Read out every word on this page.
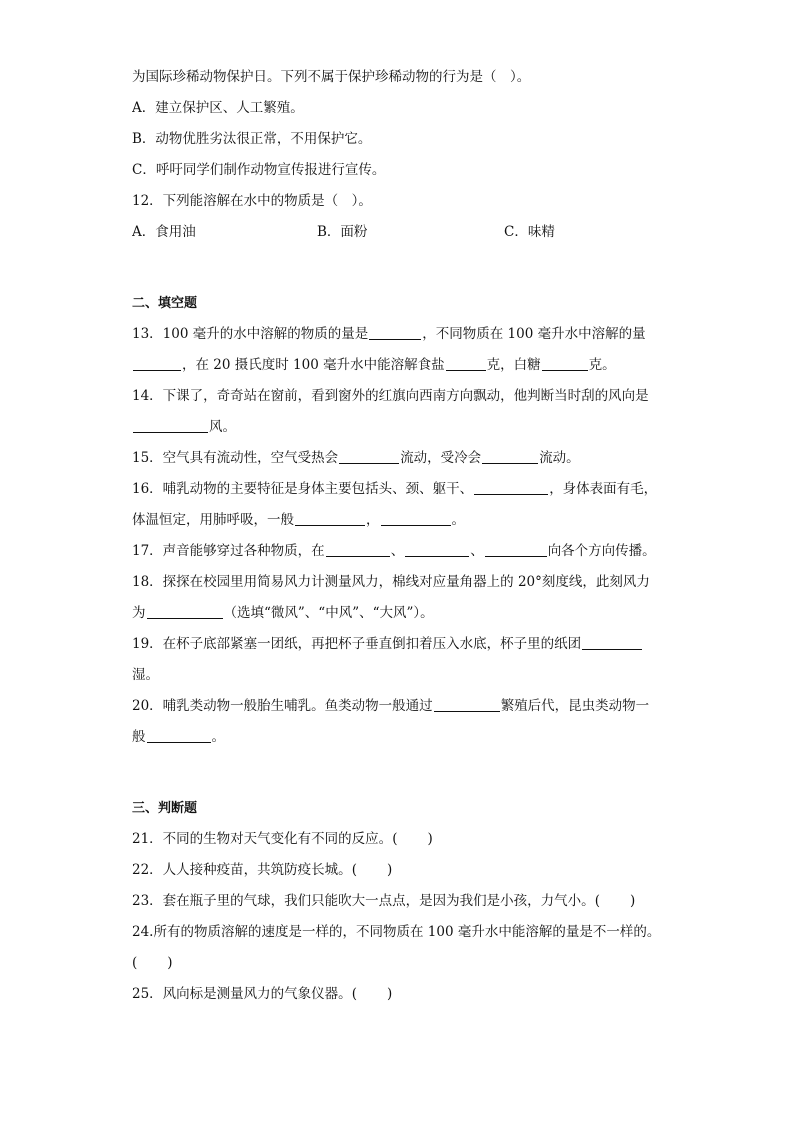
为国际珍稀动物保护日。下列不属于保护珍稀动物的行为是（　）。
A．建立保护区、人工繁殖。
B．动物优胜劣汰很正常，不用保护它。
C．呼吁同学们制作动物宣传报进行宣传。
12．下列能溶解在水中的物质是（　）。
A．食用油	B．面粉	C．味精
二、填空题
13．100 毫升的水中溶解的物质的量是	，不同物质在 100 毫升水中溶解的量
，在 20 摄氏度时 100 毫升水中能溶解食盐	克，白糖	克。
14．下课了，奇奇站在窗前，看到窗外的红旗向西南方向飘动，他判断当时刮的风向是
风。
15．空气具有流动性，空气受热会	流动，受冷会	流动。
16．哺乳动物的主要特征是身体主要包括头、颈、躯干、	，身体表面有毛，
体温恒定，用肺呼吸，一般	，	。
17．声音能够穿过各种物质，在	、	、	向各个方向传播。
18．探探在校园里用简易风力计测量风力，棉线对应量角器上的 20°刻度线，此刻风力
为	（选填“微风”、“中风”、“大风”）。
19．在杯子底部紧塞一团纸，再把杯子垂直倒扣着压入水底，杯子里的纸团
湿。
20．哺乳类动物一般胎生哺乳。鱼类动物一般通过	繁殖后代，昆虫类动物一
般	。
三、判断题
21．不同的生物对天气变化有不同的反应。( )
22．人人接种疫苗，共筑防疫长城。( )
23．套在瓶子里的气球，我们只能吹大一点点，是因为我们是小孩，力气小。( )
24.所有的物质溶解的速度是一样的，不同物质在 100 毫升水中能溶解的量是不一样的。
( )
25．风向标是测量风力的气象仪器。( )
